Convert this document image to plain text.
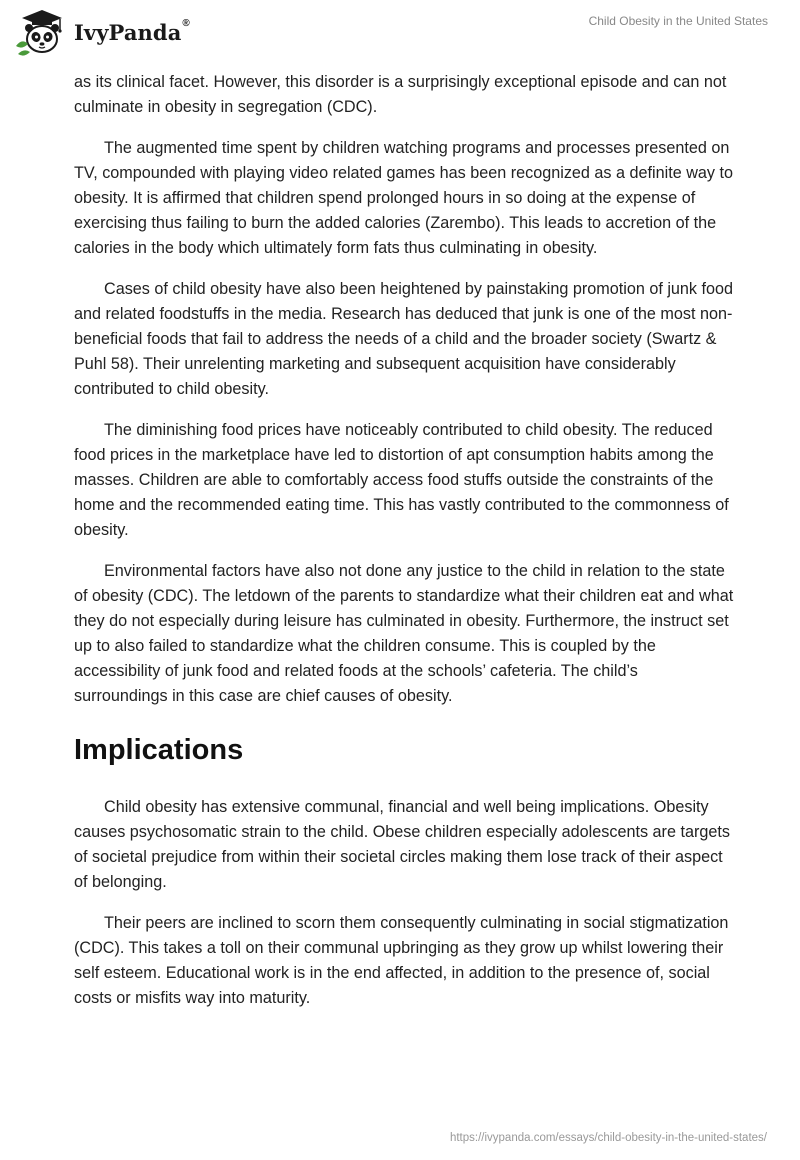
IvyPanda®	Child Obesity in the United States

as its clinical facet. However, this disorder is a surprisingly exceptional episode and can not culminate in obesity in segregation (CDC).

The augmented time spent by children watching programs and processes presented on TV, compounded with playing video related games has been recognized as a definite way to obesity. It is affirmed that children spend prolonged hours in so doing at the expense of exercising thus failing to burn the added calories (Zarembo). This leads to accretion of the calories in the body which ultimately form fats thus culminating in obesity.

Cases of child obesity have also been heightened by painstaking promotion of junk food and related foodstuffs in the media. Research has deduced that junk is one of the most non-beneficial foods that fail to address the needs of a child and the broader society (Swartz & Puhl 58). Their unrelenting marketing and subsequent acquisition have considerably contributed to child obesity.

The diminishing food prices have noticeably contributed to child obesity. The reduced food prices in the marketplace have led to distortion of apt consumption habits among the masses. Children are able to comfortably access food stuffs outside the constraints of the home and the recommended eating time. This has vastly contributed to the commonness of obesity.

Environmental factors have also not done any justice to the child in relation to the state of obesity (CDC). The letdown of the parents to standardize what their children eat and what they do not especially during leisure has culminated in obesity. Furthermore, the instruct set up to also failed to standardize what the children consume. This is coupled by the accessibility of junk food and related foods at the schools’ cafeteria. The child’s surroundings in this case are chief causes of obesity.

Implications

Child obesity has extensive communal, financial and well being implications. Obesity causes psychosomatic strain to the child. Obese children especially adolescents are targets of societal prejudice from within their societal circles making them lose track of their aspect of belonging.

Their peers are inclined to scorn them consequently culminating in social stigmatization (CDC). This takes a toll on their communal upbringing as they grow up whilst lowering their self esteem. Educational work is in the end affected, in addition to the presence of, social costs or misfits way into maturity.

https://ivypanda.com/essays/child-obesity-in-the-united-states/
